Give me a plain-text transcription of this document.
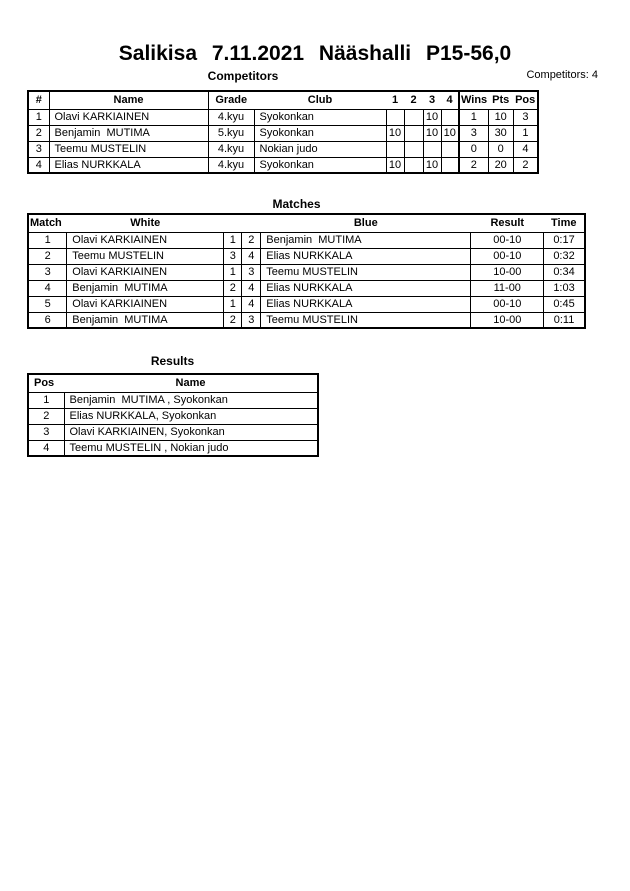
Salikisa 7.11.2021 Nääshalli P15-56,0
Competitors	Competitors: 4
#	Name	Grade	Club	1	2	3	4	Wins	Pts	Pos
1	Olavi KARKIAINEN	4.kyu	Syokonkan			10		1	10	3
2	Benjamin  MUTIMA	5.kyu	Syokonkan	10		10	10	3	30	1
3	Teemu MUSTELIN	4.kyu	Nokian judo					0	0	4
4	Elias NURKKALA	4.kyu	Syokonkan	10		10		2	20	2
Matches
Match	White			Blue	Result	Time
1	Olavi KARKIAINEN	1	2	Benjamin  MUTIMA	00-10	0:17
2	Teemu MUSTELIN	3	4	Elias NURKKALA	00-10	0:32
3	Olavi KARKIAINEN	1	3	Teemu MUSTELIN	10-00	0:34
4	Benjamin  MUTIMA	2	4	Elias NURKKALA	11-00	1:03
5	Olavi KARKIAINEN	1	4	Elias NURKKALA	00-10	0:45
6	Benjamin  MUTIMA	2	3	Teemu MUSTELIN	10-00	0:11
Results
Pos	Name
1	Benjamin  MUTIMA , Syokonkan
2	Elias NURKKALA, Syokonkan
3	Olavi KARKIAINEN, Syokonkan
4	Teemu MUSTELIN , Nokian judo
